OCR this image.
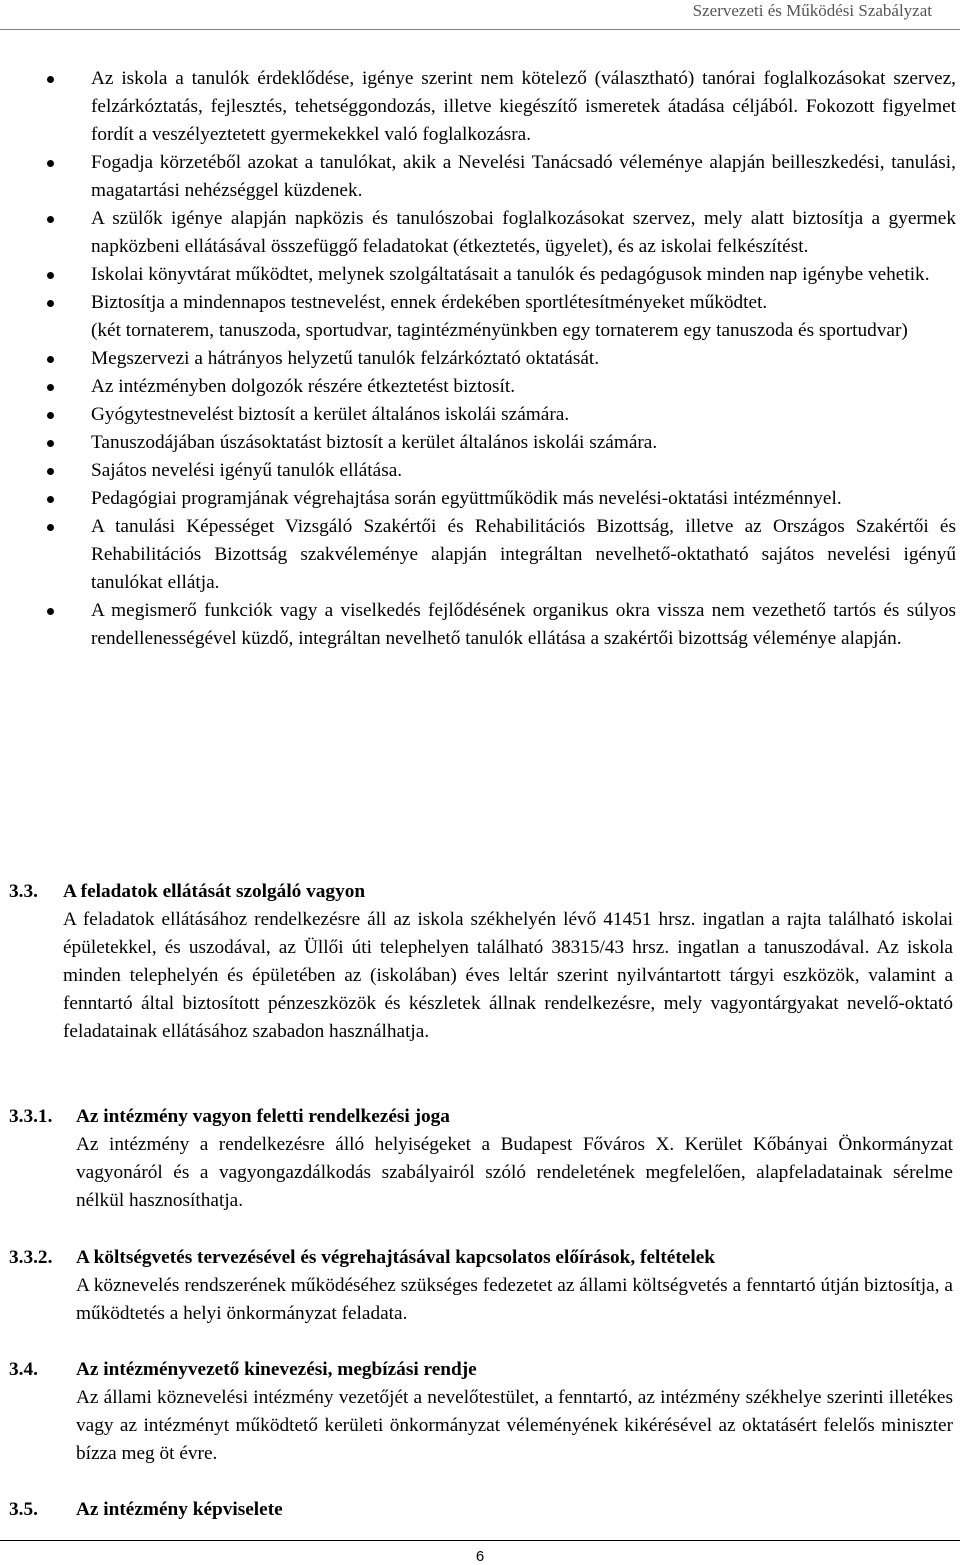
Szervezeti és Működési Szabályzat
Az iskola a tanulók érdeklődése, igénye szerint nem kötelező (választható) tanórai foglalkozásokat szervez, felzárkóztatás, fejlesztés, tehetséggondozás, illetve kiegészítő ismeretek átadása céljából. Fokozott figyelmet fordít a veszélyeztetett gyermekekkel való foglalkozásra.
Fogadja körzetéből azokat a tanulókat, akik a Nevelési Tanácsadó véleménye alapján beilleszkedési, tanulási, magatartási nehézséggel küzdenek.
A szülők igénye alapján napközis és tanulószobai foglalkozásokat szervez, mely alatt biztosítja a gyermek napközbeni ellátásával összefüggő feladatokat (étkeztetés, ügyelet), és az iskolai felkészítést.
Iskolai könyvtárat működtet, melynek szolgáltatásait a tanulók és pedagógusok minden nap igénybe vehetik.
Biztosítja a mindennapos testnevelést, ennek érdekében sportlétesítményeket működtet.
(két tornaterem, tanuszoda, sportudvar, tagintézményünkben egy tornaterem egy tanuszoda és sportudvar)
Megszervezi a hátrányos helyzetű tanulók felzárkóztató oktatását.
Az intézményben dolgozók részére étkeztetést biztosít.
Gyógytestnevelést biztosít a kerület általános iskolái számára.
Tanuszodájában úszásoktatást biztosít a kerület általános iskolái számára.
Sajátos nevelési igényű tanulók ellátása.
Pedagógiai programjának végrehajtása során együttműködik más nevelési-oktatási intézménnyel.
A tanulási Képességet Vizsgáló Szakértői és Rehabilitációs Bizottság, illetve az Országos Szakértői és Rehabilitációs Bizottság szakvéleménye alapján integráltan nevelhető-oktatható sajátos nevelési igényű tanulókat ellátja.
A megismerő funkciók vagy a viselkedés fejlődésének organikus okra vissza nem vezethető tartós és súlyos rendellenességével küzdő, integráltan nevelhető tanulók ellátása a szakértői bizottság véleménye alapján.
3.3. A feladatok ellátását szolgáló vagyon
A feladatok ellátásához rendelkezésre áll az iskola székhelyén lévő 41451 hrsz. ingatlan a rajta található iskolai épületekkel, és uszodával, az Üllői úti telephelyen található 38315/43 hrsz. ingatlan a tanuszodával. Az iskola minden telephelyén és épületében az (iskolában) éves leltár szerint nyilvántartott tárgyi eszközök, valamint a fenntartó által biztosított pénzeszközök és készletek állnak rendelkezésre, mely vagyontárgyakat nevelő-oktató feladatainak ellátásához szabadon használhatja.
3.3.1. Az intézmény vagyon feletti rendelkezési joga
Az intézmény a rendelkezésre álló helyiségeket a Budapest Főváros X. Kerület Kőbányai Önkormányzat vagyonáról és a vagyongazdálkodás szabályairól szóló rendeletének megfelelően, alapfeladatainak sérelme nélkül hasznosíthatja.
3.3.2. A költségvetés tervezésével és végrehajtásával kapcsolatos előírások, feltételek
A köznevelés rendszerének működéséhez szükséges fedezetet az állami költségvetés a fenntartó útján biztosítja, a működtetés a helyi önkormányzat feladata.
3.4. Az intézményvezető kinevezési, megbízási rendje
Az állami köznevelési intézmény vezetőjét a nevelőtestület, a fenntartó, az intézmény székhelye szerinti illetékes vagy az intézményt működtető kerületi önkormányzat véleményének kikérésével az oktatásért felelős miniszter bízza meg öt évre.
3.5. Az intézmény képviselete
6
